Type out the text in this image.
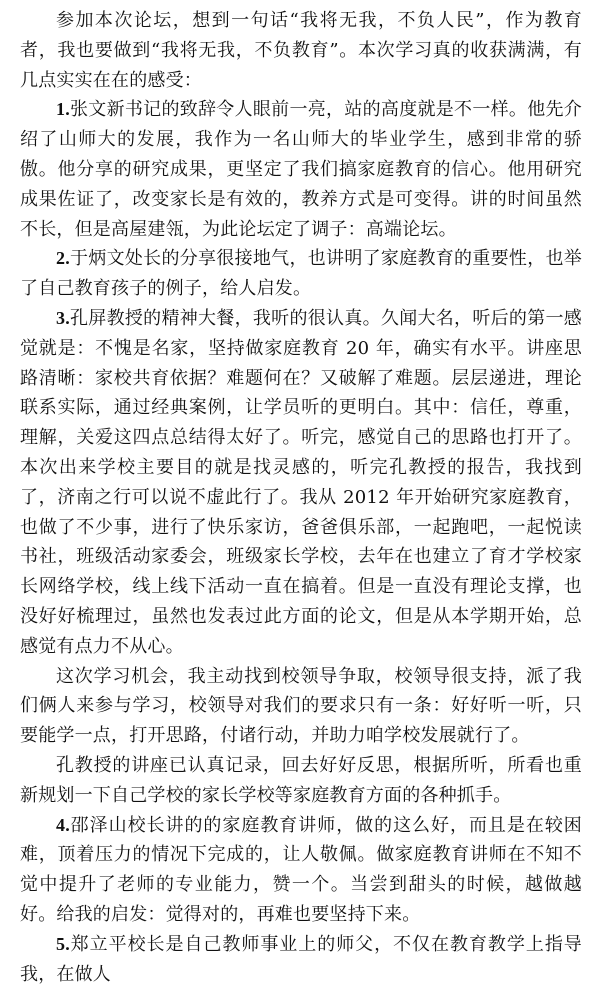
参加本次论坛，想到一句话“我将无我，不负人民”，作为教育者，我也要做到“我将无我，不负教育”。本次学习真的收获满满，有几点实实在在的感受：

1.张文新书记的致辞令人眼前一亮，站的高度就是不一样。他先介绍了山师大的发展，我作为一名山师大的毕业学生，感到非常的骄傲。他分享的研究成果，更坚定了我们搞家庭教育的信心。他用研究成果佐证了，改变家长是有效的，教养方式是可变得。讲的时间虽然不长，但是高屋建瓴，为此论坛定了调子：高端论坛。

2.于炳文处长的分享很接地气，也讲明了家庭教育的重要性，也举了自己教育孩子的例子，给人启发。

3.孔屏教授的精神大餐，我听的很认真。久闻大名，听后的第一感觉就是：不愧是名家，坚持做家庭教育 20 年，确实有水平。讲座思路清晰：家校共育依据？难题何在？又破解了难题。层层递进，理论联系实际，通过经典案例，让学员听的更明白。其中：信任，尊重，理解，关爱这四点总结得太好了。听完，感觉自己的思路也打开了。本次出来学校主要目的就是找灵感的，听完孔教授的报告，我找到了，济南之行可以说不虚此行了。我从 2012 年开始研究家庭教育，也做了不少事，进行了快乐家访，爸爸俱乐部，一起跑吧，一起悦读书社，班级活动家委会，班级家长学校，去年在也建立了育才学校家长网络学校，线上线下活动一直在搞着。但是一直没有理论支撑，也没好好梳理过，虽然也发表过此方面的论文，但是从本学期开始，总感觉有点力不从心。

这次学习机会，我主动找到校领导争取，校领导很支持，派了我们俩人来参与学习，校领导对我们的要求只有一条：好好听一听，只要能学一点，打开思路，付诸行动，并助力咱学校发展就行了。

孔教授的讲座已认真记录，回去好好反思，根据所听，所看也重新规划一下自己学校的家长学校等家庭教育方面的各种抓手。

4.邵泽山校长讲的的家庭教育讲师，做的这么好，而且是在较困难，顶着压力的情况下完成的，让人敬佩。做家庭教育讲师在不知不觉中提升了老师的专业能力，赞一个。当尝到甜头的时候，越做越好。给我的启发：觉得对的，再难也要坚持下来。

5.郑立平校长是自己教师事业上的师父，不仅在教育教学上指导我，在做人
